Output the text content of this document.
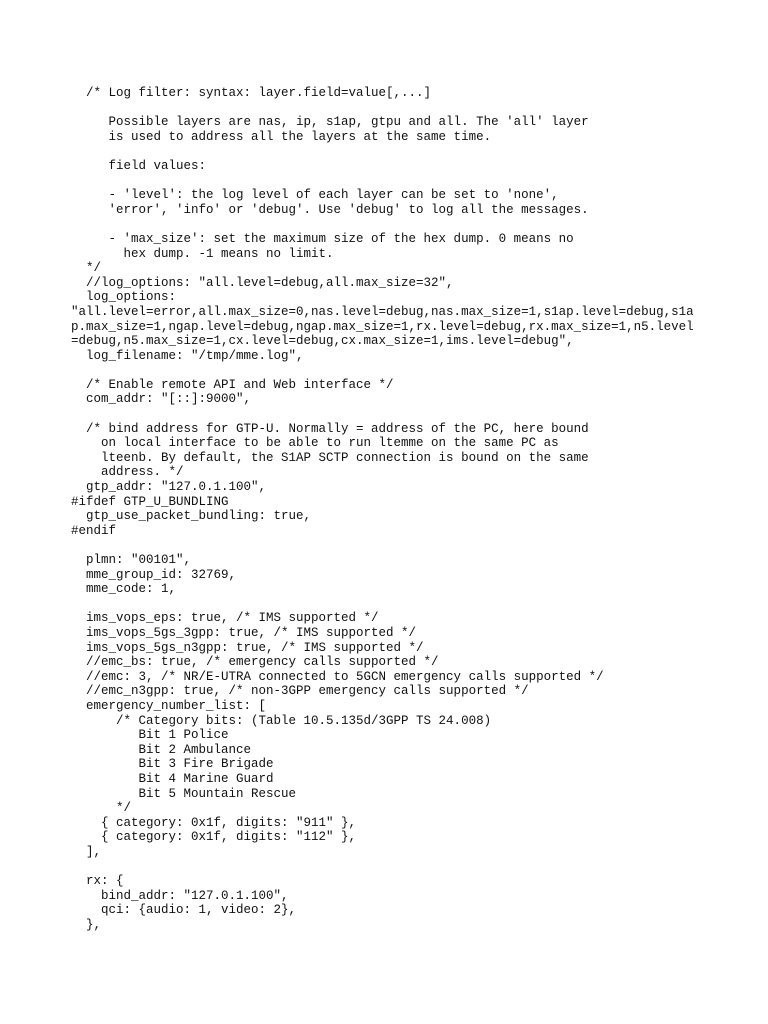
/* Log filter: syntax: layer.field=value[,...]
Possible layers are nas, ip, s1ap, gtpu and all. The 'all' layer
is used to address all the layers at the same time.
field values:
- 'level': the log level of each layer can be set to 'none',
'error', 'info' or 'debug'. Use 'debug' to log all the messages.
- 'max_size': set the maximum size of the hex dump. 0 means no
hex dump. -1 means no limit.
*/
//log_options: "all.level=debug,all.max_size=32",
log_options:
"all.level=error,all.max_size=0,nas.level=debug,nas.max_size=1,s1ap.level=debug,s1a
p.max_size=1,ngap.level=debug,ngap.max_size=1,rx.level=debug,rx.max_size=1,n5.level
=debug,n5.max_size=1,cx.level=debug,cx.max_size=1,ims.level=debug",
log_filename: "/tmp/mme.log",
/* Enable remote API and Web interface */
com_addr: "[::]:9000",
/* bind address for GTP-U. Normally = address of the PC, here bound
on local interface to be able to run ltemme on the same PC as
lteenb. By default, the S1AP SCTP connection is bound on the same
address. */
gtp_addr: "127.0.1.100",
#ifdef GTP_U_BUNDLING
gtp_use_packet_bundling: true,
#endif
plmn: "00101",
mme_group_id: 32769,
mme_code: 1,
ims_vops_eps: true, /* IMS supported */
ims_vops_5gs_3gpp: true, /* IMS supported */
ims_vops_5gs_n3gpp: true, /* IMS supported */
//emc_bs: true, /* emergency calls supported */
//emc: 3, /* NR/E-UTRA connected to 5GCN emergency calls supported */
//emc_n3gpp: true, /* non-3GPP emergency calls supported */
emergency_number_list: [
/* Category bits: (Table 10.5.135d/3GPP TS 24.008)
Bit 1 Police
Bit 2 Ambulance
Bit 3 Fire Brigade
Bit 4 Marine Guard
Bit 5 Mountain Rescue
*/
{ category: 0x1f, digits: "911" },
{ category: 0x1f, digits: "112" },
],
rx: {
bind_addr: "127.0.1.100",
qci: {audio: 1, video: 2},
},
